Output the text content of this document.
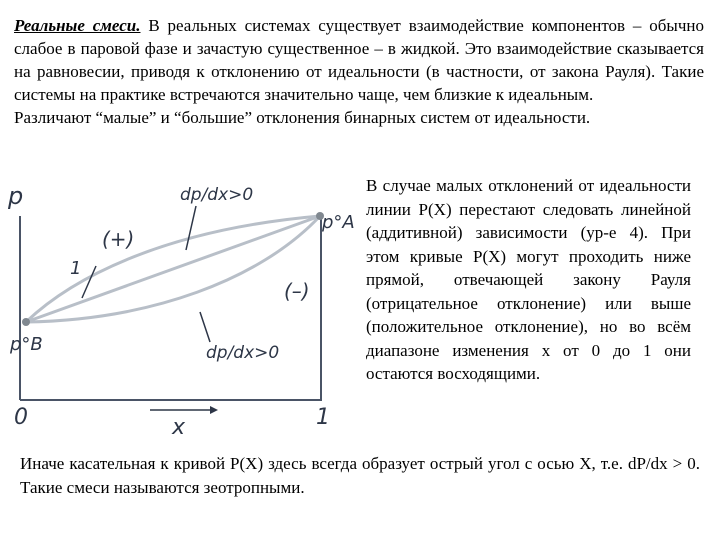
Реальные смеси. В реальных системах существует взаимодействие компонентов – обычно слабое в паровой фазе и зачастую существенное – в жидкой. Это взаимодействие сказывается на равновесии, приводя к отклонению от идеальности (в частности, от закона Рауля). Такие системы на практике встречаются значительно чаще, чем близкие к идеальным.
Различают “малые” и “большие” отклонения бинарных систем от идеальности.

p
0	1
x
p°B
p°A
dp/dx>0
dp/dx>0
(+)
(–)
1

В случае малых отклонений от идеальности линии P(X) перестают следовать линейной (аддитивной) зависимости (ур-е 4). При этом кривые P(X) могут проходить ниже прямой, отвечающей закону Рауля (отрицательное отклонение) или выше (положительное отклонение), но во всём диапазоне изменения x от 0 до 1 они остаются восходящими.

Иначе касательная к кривой P(X) здесь всегда образует острый угол с осью X, т.е. dP/dx > 0. Такие смеси называются зеотропными.
